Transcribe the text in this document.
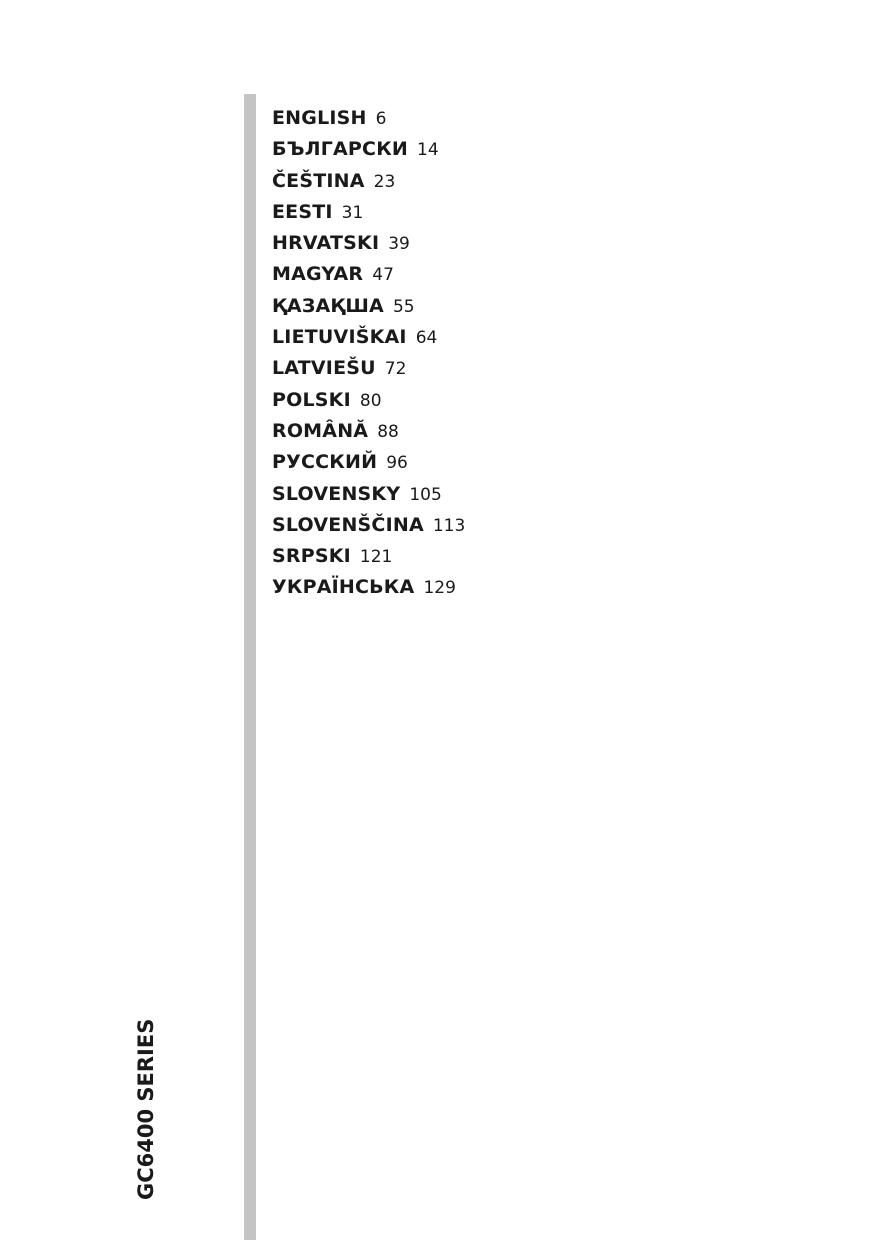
ENGLISH 6
БЪЛГАРСКИ 14
ČEŠTINA 23
EESTI 31
HRVATSKI 39
MAGYAR 47
ҚАЗАҚША 55
LIETUVIŠKAI 64
LATVIEŠU 72
POLSKI 80
ROMÂNĂ 88
РУССКИЙ 96
SLOVENSKY 105
SLOVENŠČINA 113
SRPSKI 121
УКРАЇНСЬКА 129
GC6400 SERIES
